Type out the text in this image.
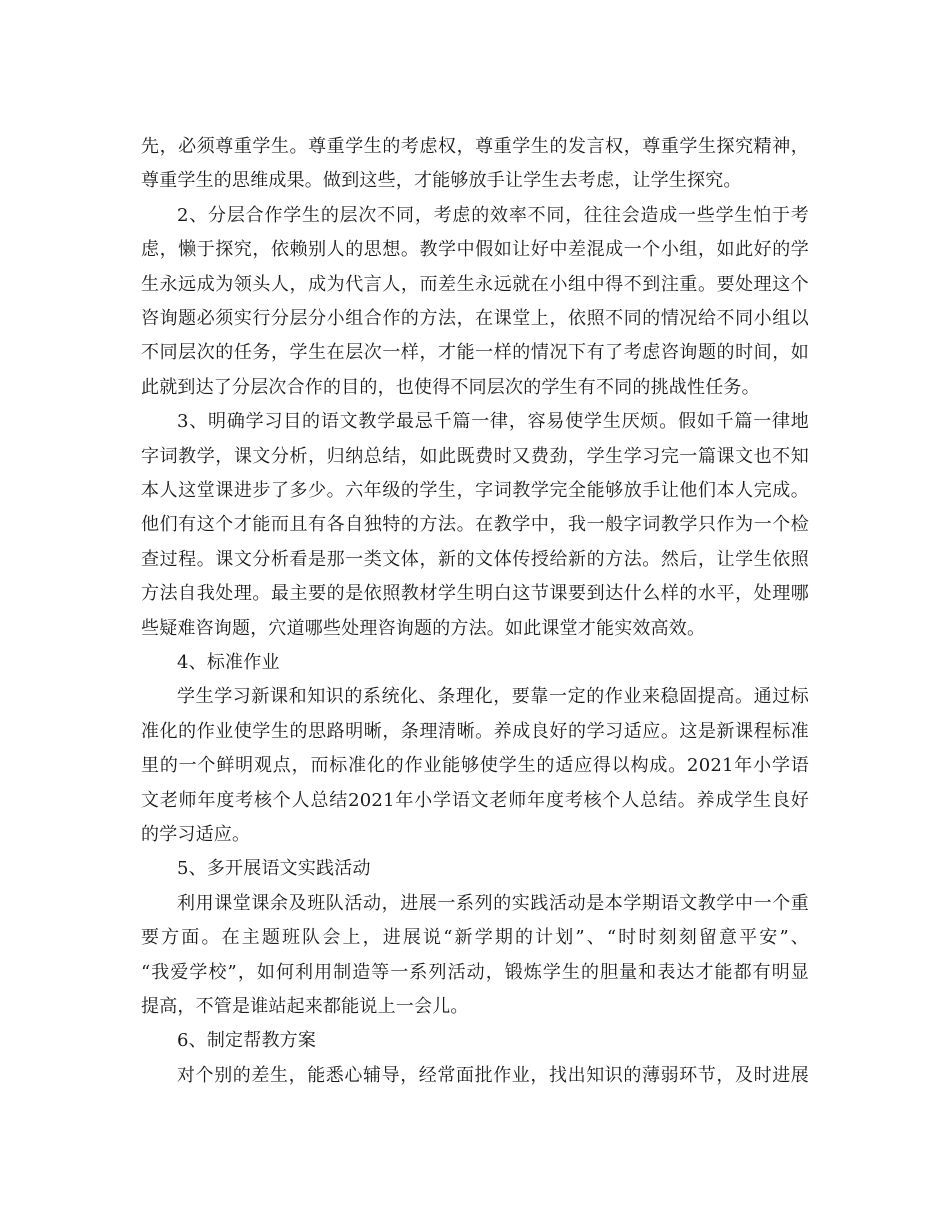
先，必须尊重学生。尊重学生的考虑权，尊重学生的发言权，尊重学生探究精神，
尊重学生的思维成果。做到这些，才能够放手让学生去考虑，让学生探究。
2、分层合作学生的层次不同，考虑的效率不同，往往会造成一些学生怕于考
虑，懒于探究，依赖别人的思想。教学中假如让好中差混成一个小组，如此好的学
生永远成为领头人，成为代言人，而差生永远就在小组中得不到注重。要处理这个
咨询题必须实行分层分小组合作的方法，在课堂上，依照不同的情况给不同小组以
不同层次的任务，学生在层次一样，才能一样的情况下有了考虑咨询题的时间，如
此就到达了分层次合作的目的，也使得不同层次的学生有不同的挑战性任务。
3、明确学习目的语文教学最忌千篇一律，容易使学生厌烦。假如千篇一律地
字词教学，课文分析，归纳总结，如此既费时又费劲，学生学习完一篇课文也不知
本人这堂课进步了多少。六年级的学生，字词教学完全能够放手让他们本人完成。
他们有这个才能而且有各自独特的方法。在教学中，我一般字词教学只作为一个检
查过程。课文分析看是那一类文体，新的文体传授给新的方法。然后，让学生依照
方法自我处理。最主要的是依照教材学生明白这节课要到达什么样的水平，处理哪
些疑难咨询题，穴道哪些处理咨询题的方法。如此课堂才能实效高效。
4、标准作业
学生学习新课和知识的系统化、条理化，要靠一定的作业来稳固提高。通过标
准化的作业使学生的思路明晰，条理清晰。养成良好的学习适应。这是新课程标准
里的一个鲜明观点，而标准化的作业能够使学生的适应得以构成。2021年小学语
文老师年度考核个人总结2021年小学语文老师年度考核个人总结。养成学生良好
的学习适应。
5、多开展语文实践活动
利用课堂课余及班队活动，进展一系列的实践活动是本学期语文教学中一个重
要方面。在主题班队会上，进展说“新学期的计划”、“时时刻刻留意平安”、
“我爱学校”，如何利用制造等一系列活动，锻炼学生的胆量和表达才能都有明显
提高，不管是谁站起来都能说上一会儿。
6、制定帮教方案
对个别的差生，能悉心辅导，经常面批作业，找出知识的薄弱环节，及时进展
